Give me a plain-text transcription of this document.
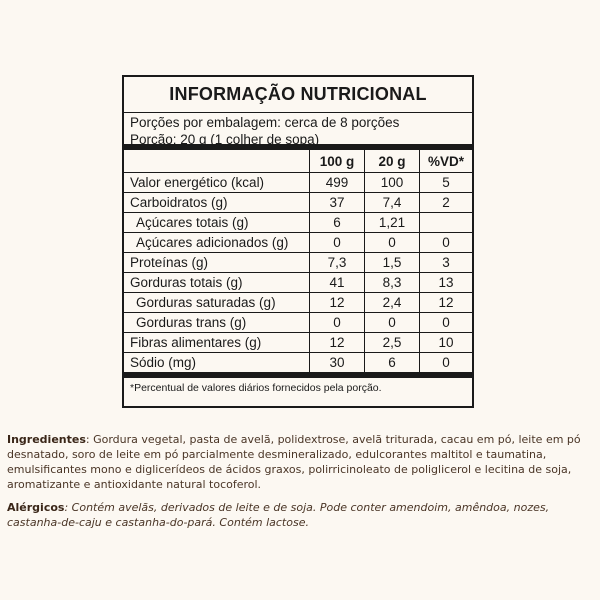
INFORMAÇÃO NUTRICIONAL
Porções por embalagem: cerca de 8 porções
Porção: 20 g (1 colher de sopa)
	100 g	20 g	%VD*
Valor energético (kcal)	499	100	5
Carboidratos (g)	37	7,4	2
Açúcares totais (g)	6	1,21	
Açúcares adicionados (g)	0	0	0
Proteínas (g)	7,3	1,5	3
Gorduras totais (g)	41	8,3	13
Gorduras saturadas (g)	12	2,4	12
Gorduras trans (g)	0	0	0
Fibras alimentares (g)	12	2,5	10
Sódio (mg)	30	6	0
*Percentual de valores diários fornecidos pela porção.
Ingredientes: Gordura vegetal, pasta de avelã, polidextrose, avelã triturada, cacau em pó, leite em pó desnatado, soro de leite em pó parcialmente desmineralizado, edulcorantes maltitol e taumatina, emulsificantes mono e diglicerídeos de ácidos graxos, polirricinoleato de poliglicerol e lecitina de soja, aromatizante e antioxidante natural tocoferol.
Alérgicos: Contém avelãs, derivados de leite e de soja. Pode conter amendoim, amêndoa, nozes, castanha-de-caju e castanha-do-pará. Contém lactose.
